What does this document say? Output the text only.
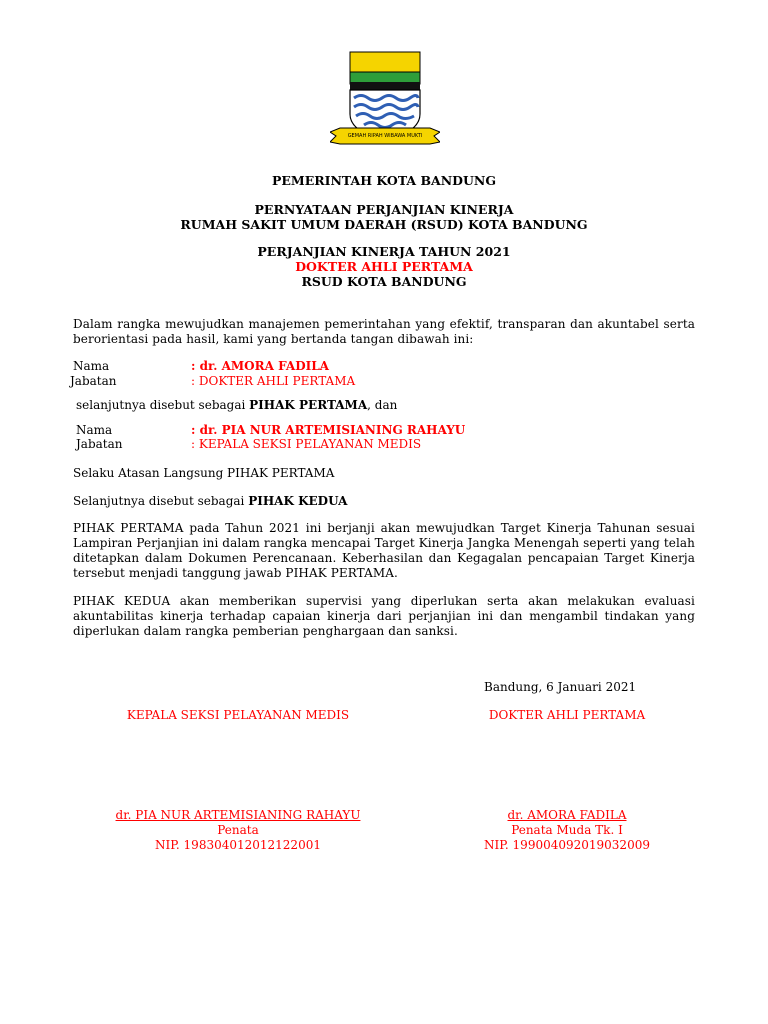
GEMAH RIPAH WIBAWA MUKTI
PEMERINTAH KOTA BANDUNG
PERNYATAAN PERJANJIAN KINERJA
RUMAH SAKIT UMUM DAERAH (RSUD) KOTA BANDUNG
PERJANJIAN KINERJA TAHUN 2021
DOKTER AHLI PERTAMA
RSUD KOTA BANDUNG
Dalam rangka mewujudkan manajemen pemerintahan yang efektif, transparan dan akuntabel serta berorientasi pada hasil, kami yang bertanda tangan dibawah ini:
Nama	: dr. AMORA FADILA
Jabatan	: DOKTER AHLI PERTAMA
selanjutnya disebut sebagai PIHAK PERTAMA, dan
Nama	: dr. PIA NUR ARTEMISIANING RAHAYU
Jabatan	: KEPALA SEKSI PELAYANAN MEDIS
Selaku Atasan Langsung PIHAK PERTAMA
Selanjutnya disebut sebagai PIHAK KEDUA
PIHAK PERTAMA pada Tahun 2021 ini berjanji akan mewujudkan Target Kinerja Tahunan sesuai Lampiran Perjanjian ini dalam rangka mencapai Target Kinerja Jangka Menengah seperti yang telah ditetapkan dalam Dokumen Perencanaan. Keberhasilan dan Kegagalan pencapaian Target Kinerja tersebut menjadi tanggung jawab PIHAK PERTAMA.
PIHAK KEDUA akan memberikan supervisi yang diperlukan serta akan melakukan evaluasi akuntabilitas kinerja terhadap capaian kinerja dari perjanjian ini dan mengambil tindakan yang diperlukan dalam rangka pemberian penghargaan dan sanksi.
Bandung, 6 Januari 2021
KEPALA SEKSI PELAYANAN MEDIS	DOKTER AHLI PERTAMA
dr. PIA NUR ARTEMISIANING RAHAYU
Penata
NIP. 198304012012122001
dr. AMORA FADILA
Penata Muda Tk. I
NIP. 199004092019032009
